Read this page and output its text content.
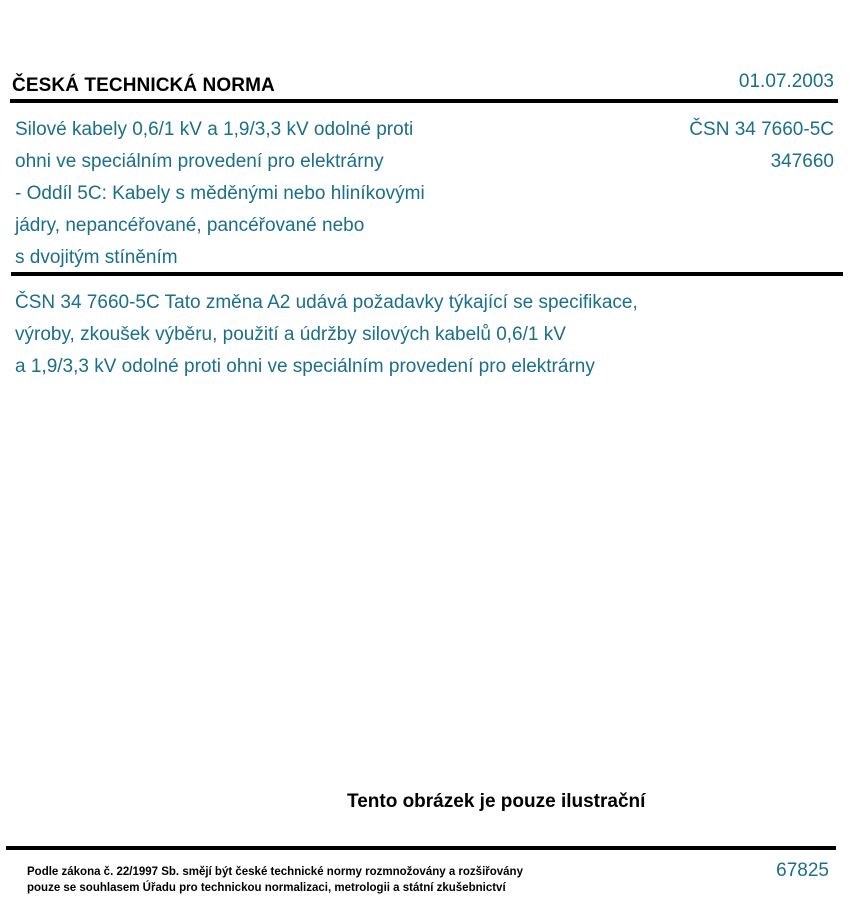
ČESKÁ TECHNICKÁ NORMA	01.07.2003
Silové kabely 0,6/1 kV a 1,9/3,3 kV odolné proti
ohni ve speciálním provedení pro elektrárny
- Oddíl 5C: Kabely s měděnými nebo hliníkovými
jádry, nepancéřované, pancéřované nebo
s dvojitým stíněním
ČSN 34 7660-5C
347660
ČSN 34 7660-5C Tato změna A2 udává požadavky týkající se specifikace,
výroby, zkoušek výběru, použití a údržby silových kabelů 0,6/1 kV
a 1,9/3,3 kV odolné proti ohni ve speciálním provedení pro elektrárny
Tento obrázek je pouze ilustrační
Podle zákona č. 22/1997 Sb. smějí být české technické normy rozmnožovány a rozšiřovány
pouze se souhlasem Úřadu pro technickou normalizaci, metrologii a státní zkušebnictví
67825
